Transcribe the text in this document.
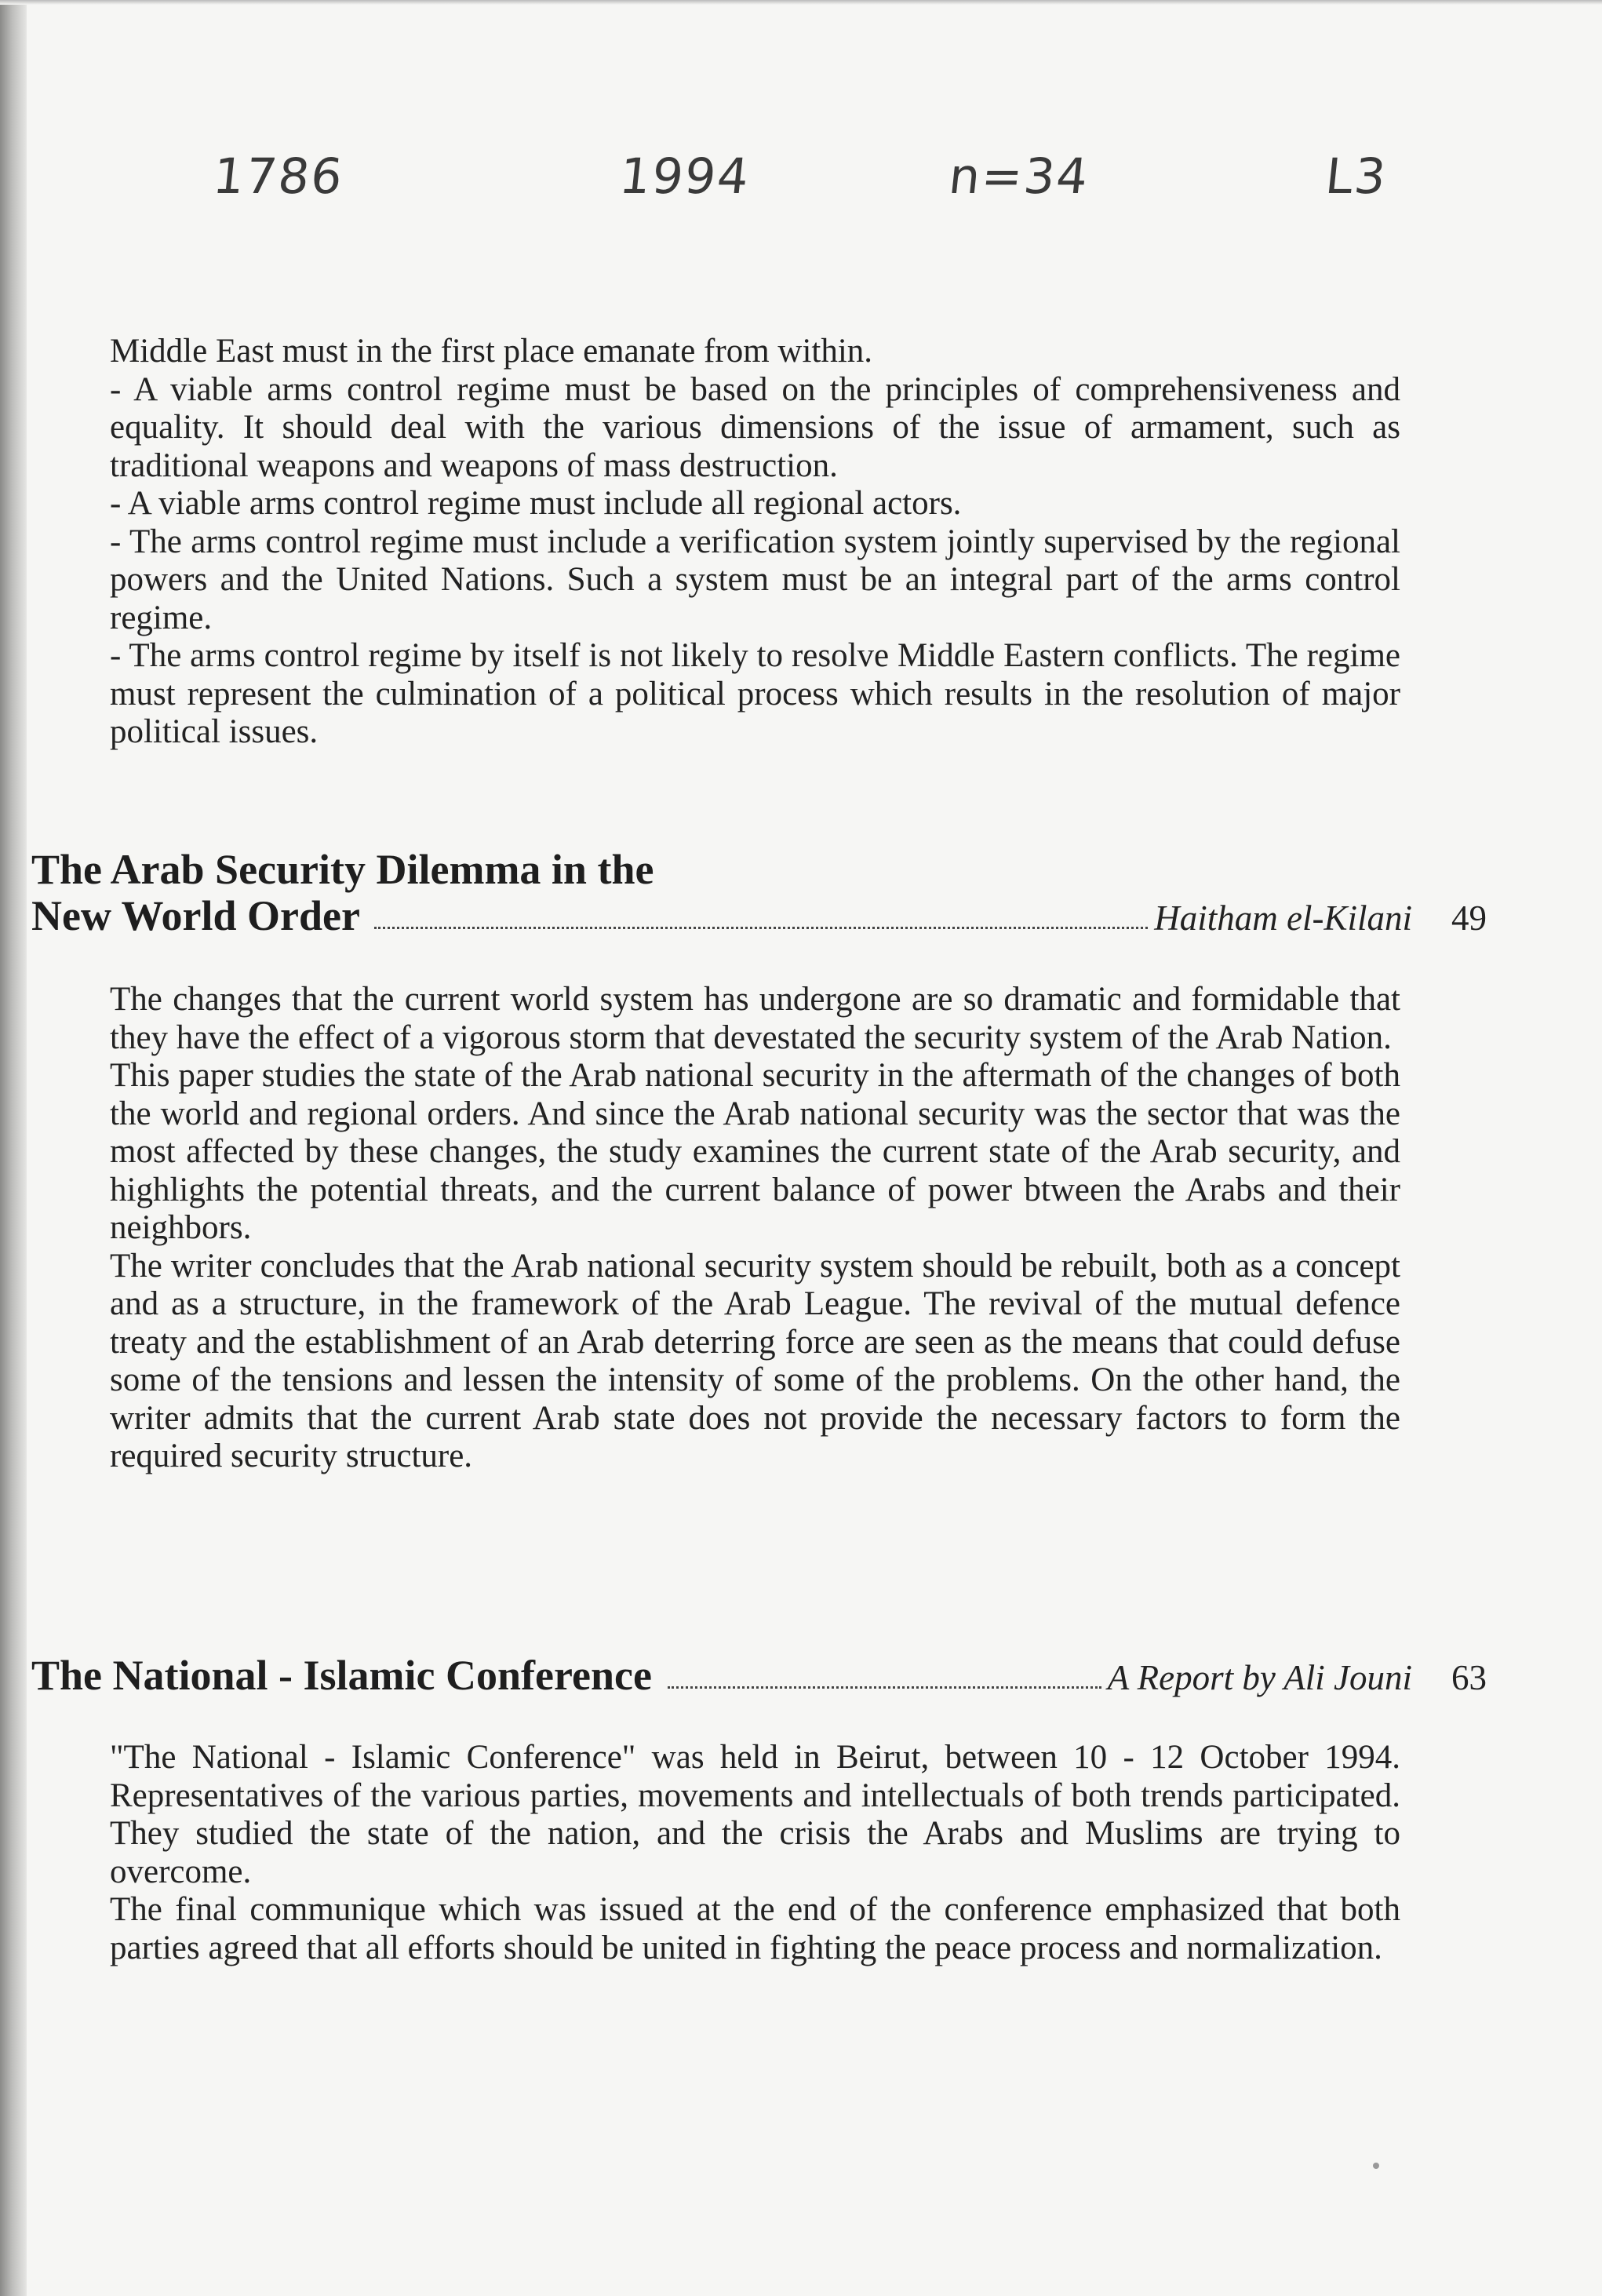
1786	1994	n=34	L3

Middle East must in the first place emanate from within.

- A viable arms control regime must be based on the principles of comprehensiveness and equality. It should deal with the various dimensions of the issue of armament, such as traditional weapons and weapons of mass destruction.

- A viable arms control regime must include all regional actors.

- The arms control regime must include a verification system jointly supervised by the regional powers and the United Nations. Such a system must be an integral part of the arms control regime.

- The arms control regime by itself is not likely to resolve Middle Eastern conflicts. The regime must represent the culmination of a political process which results in the resolution of major political issues.

The Arab Security Dilemma in the
New World Order	Haitham el-Kilani 49

The changes that the current world system has undergone are so dramatic and formidable that they have the effect of a vigorous storm that devestated the security system of the Arab Nation.

This paper studies the state of the Arab national security in the aftermath of the changes of both the world and regional orders. And since the Arab national security was the sector that was the most affected by these changes, the study examines the current state of the Arab security, and highlights the potential threats, and the current balance of power btween the Arabs and their neighbors.

The writer concludes that the Arab national security system should be rebuilt, both as a concept and as a structure, in the framework of the Arab League. The revival of the mutual defence treaty and the establishment of an Arab deterring force are seen as the means that could defuse some of the tensions and lessen the intensity of some of the problems. On the other hand, the writer admits that the current Arab state does not provide the necessary factors to form the required security structure.

The National - Islamic Conference	A Report by Ali Jouni 63

"The National - Islamic Conference" was held in Beirut, between 10 - 12 October 1994. Representatives of the various parties, movements and intellectuals of both trends participated. They studied the state of the nation, and the crisis the Arabs and Muslims are trying to overcome.

The final communique which was issued at the end of the conference emphasized that both parties agreed that all efforts should be united in fighting the peace process and normalization.
